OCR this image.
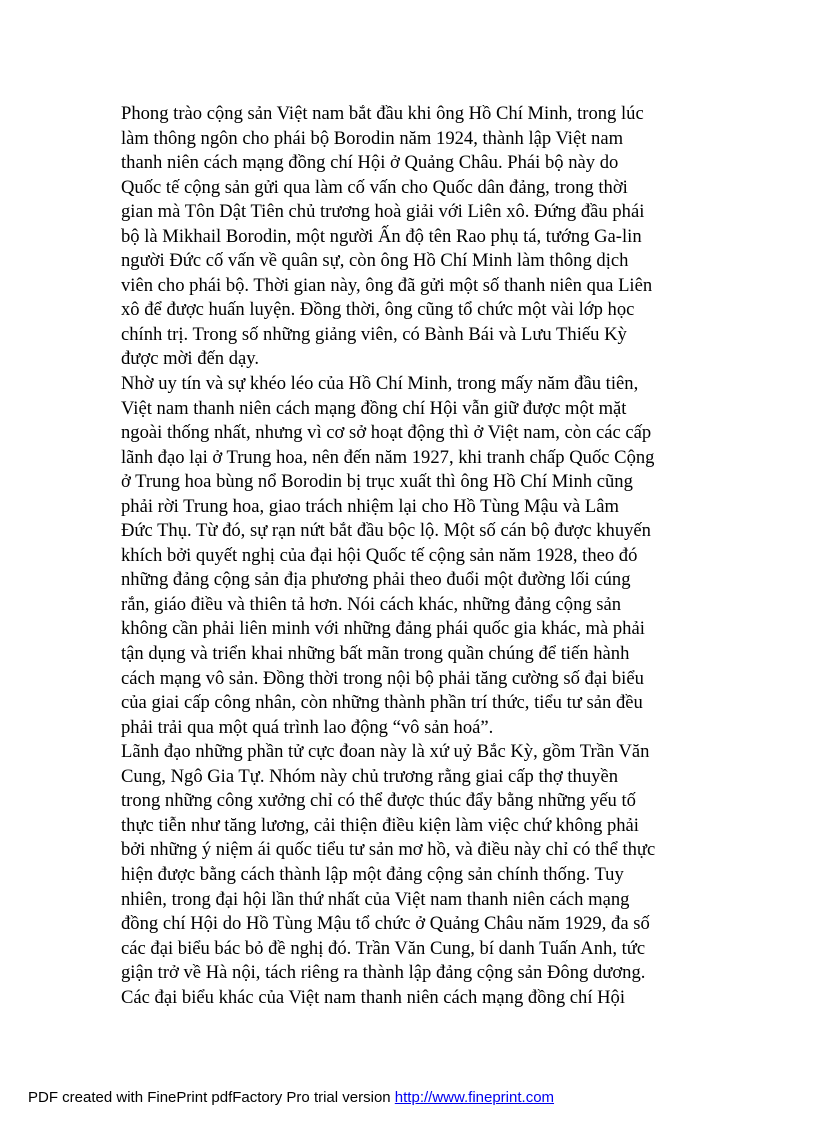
Phong trào cộng sản Việt nam bắt đầu khi ông Hồ Chí Minh, trong lúc
làm thông ngôn cho phái bộ Borodin năm 1924, thành lập Việt nam
thanh niên cách mạng đồng chí Hội ở Quảng Châu. Phái bộ này do
Quốc tế cộng sản gửi qua làm cố vấn cho Quốc dân đảng, trong thời
gian mà Tôn Dật Tiên chủ trương hoà giải với Liên xô. Đứng đầu phái
bộ là Mikhail Borodin, một người Ấn độ tên Rao phụ tá, tướng Ga-lin
người Đức cố vấn về quân sự, còn ông Hồ Chí Minh làm thông dịch
viên cho phái bộ. Thời gian này, ông đã gửi một số thanh niên qua Liên
xô để được huấn luyện. Đồng thời, ông cũng tổ chức một vài lớp học
chính trị. Trong số những giảng viên, có Bành Bái và Lưu Thiếu Kỳ
được mời đến dạy.
Nhờ uy tín và sự khéo léo của Hồ Chí Minh, trong mấy năm đầu tiên,
Việt nam thanh niên cách mạng đồng chí Hội vẫn giữ được một mặt
ngoài thống nhất, nhưng vì cơ sở hoạt động thì ở Việt nam, còn các cấp
lãnh đạo lại ở Trung hoa, nên đến năm 1927, khi tranh chấp Quốc Cộng
ở Trung hoa bùng nổ Borodin bị trục xuất thì ông Hồ Chí Minh cũng
phải rời Trung hoa, giao trách nhiệm lại cho Hồ Tùng Mậu và Lâm
Đức Thụ. Từ đó, sự rạn nứt bắt đầu bộc lộ. Một số cán bộ được khuyến
khích bởi quyết nghị của đại hội Quốc tế cộng sản năm 1928, theo đó
những đảng cộng sản địa phương phải theo đuổi một đường lối cúng
rắn, giáo điều và thiên tả hơn. Nói cách khác, những đảng cộng sản
không cần phải liên minh với những đảng phái quốc gia khác, mà phải
tận dụng và triển khai những bất mãn trong quần chúng để tiến hành
cách mạng vô sản. Đồng thời trong nội bộ phải tăng cường số đại biểu
của giai cấp công nhân, còn những thành phần trí thức, tiểu tư sản đều
phải trải qua một quá trình lao động “vô sản hoá”.
Lãnh đạo những phần tử cực đoan này là xứ uỷ Bắc Kỳ, gồm Trần Văn
Cung, Ngô Gia Tự. Nhóm này chủ trương rằng giai cấp thợ thuyền
trong những công xưởng chỉ có thể được thúc đẩy bằng những yếu tố
thực tiễn như tăng lương, cải thiện điều kiện làm việc chứ không phải
bởi những ý niệm ái quốc tiểu tư sản mơ hồ, và điều này chỉ có thể thực
hiện được bằng cách thành lập một đảng cộng sản chính thống. Tuy
nhiên, trong đại hội lần thứ nhất của Việt nam thanh niên cách mạng
đồng chí Hội do Hồ Tùng Mậu tổ chức ở Quảng Châu năm 1929, đa số
các đại biểu bác bỏ đề nghị đó. Trần Văn Cung, bí danh Tuấn Anh, tức
giận trở về Hà nội, tách riêng ra thành lập đảng cộng sản Đông dương.
Các đại biểu khác của Việt nam thanh niên cách mạng đồng chí Hội
PDF created with FinePrint pdfFactory Pro trial version http://www.fineprint.com
